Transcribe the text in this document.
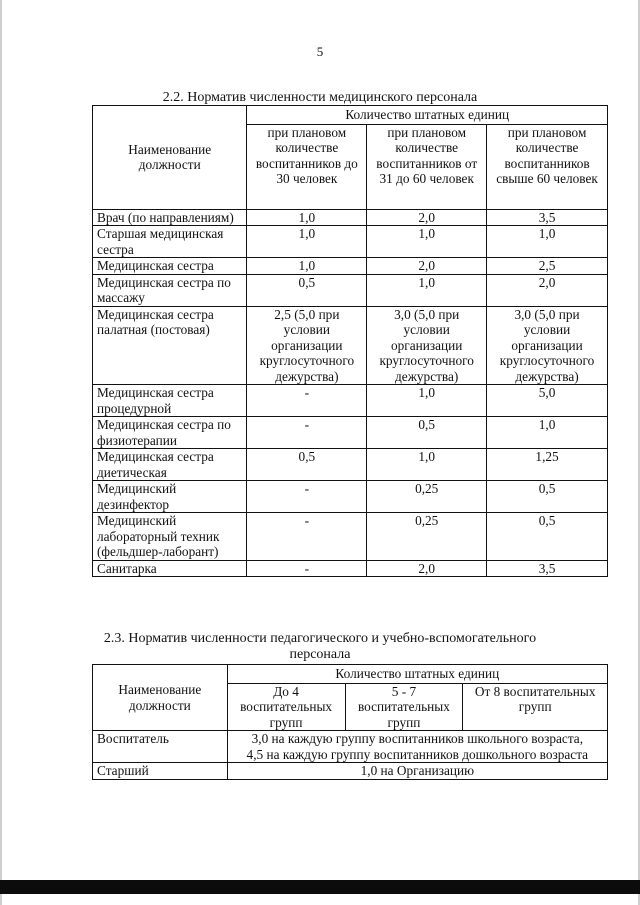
5
2.2. Норматив численности медицинского персонала
Наименование должности	Количество штатных единиц		
	при плановом количестве воспитанников до 30 человек	при плановом количестве воспитанников от 31 до 60 человек	при плановом количестве воспитанников свыше 60 человек
Врач (по направлениям)	1,0	2,0	3,5
Старшая медицинская сестра	1,0	1,0	1,0
Медицинская сестра	1,0	2,0	2,5
Медицинская сестра по массажу	0,5	1,0	2,0
Медицинская сестра палатная (постовая)	2,5 (5,0 при условии организации круглосуточного дежурства)	3,0 (5,0 при условии организации круглосуточного дежурства)	3,0 (5,0 при условии организации круглосуточного дежурства)
Медицинская сестра процедурной	-	1,0	5,0
Медицинская сестра по физиотерапии	-	0,5	1,0
Медицинская сестра диетическая	0,5	1,0	1,25
Медицинский дезинфектор	-	0,25	0,5
Медицинский лабораторный техник (фельдшер-лаборант)	-	0,25	0,5
Санитарка	-	2,0	3,5
2.3. Норматив численности педагогического и учебно-вспомогательного
персонала
Наименование должности	Количество штатных единиц		
	До 4 воспитательных групп	5 - 7 воспитательных групп	От 8 воспитательных групп
Воспитатель	3,0 на каждую группу воспитанников школьного возраста,
4,5 на каждую группу воспитанников дошкольного возраста		

Старший	1,0 на Организацию		
